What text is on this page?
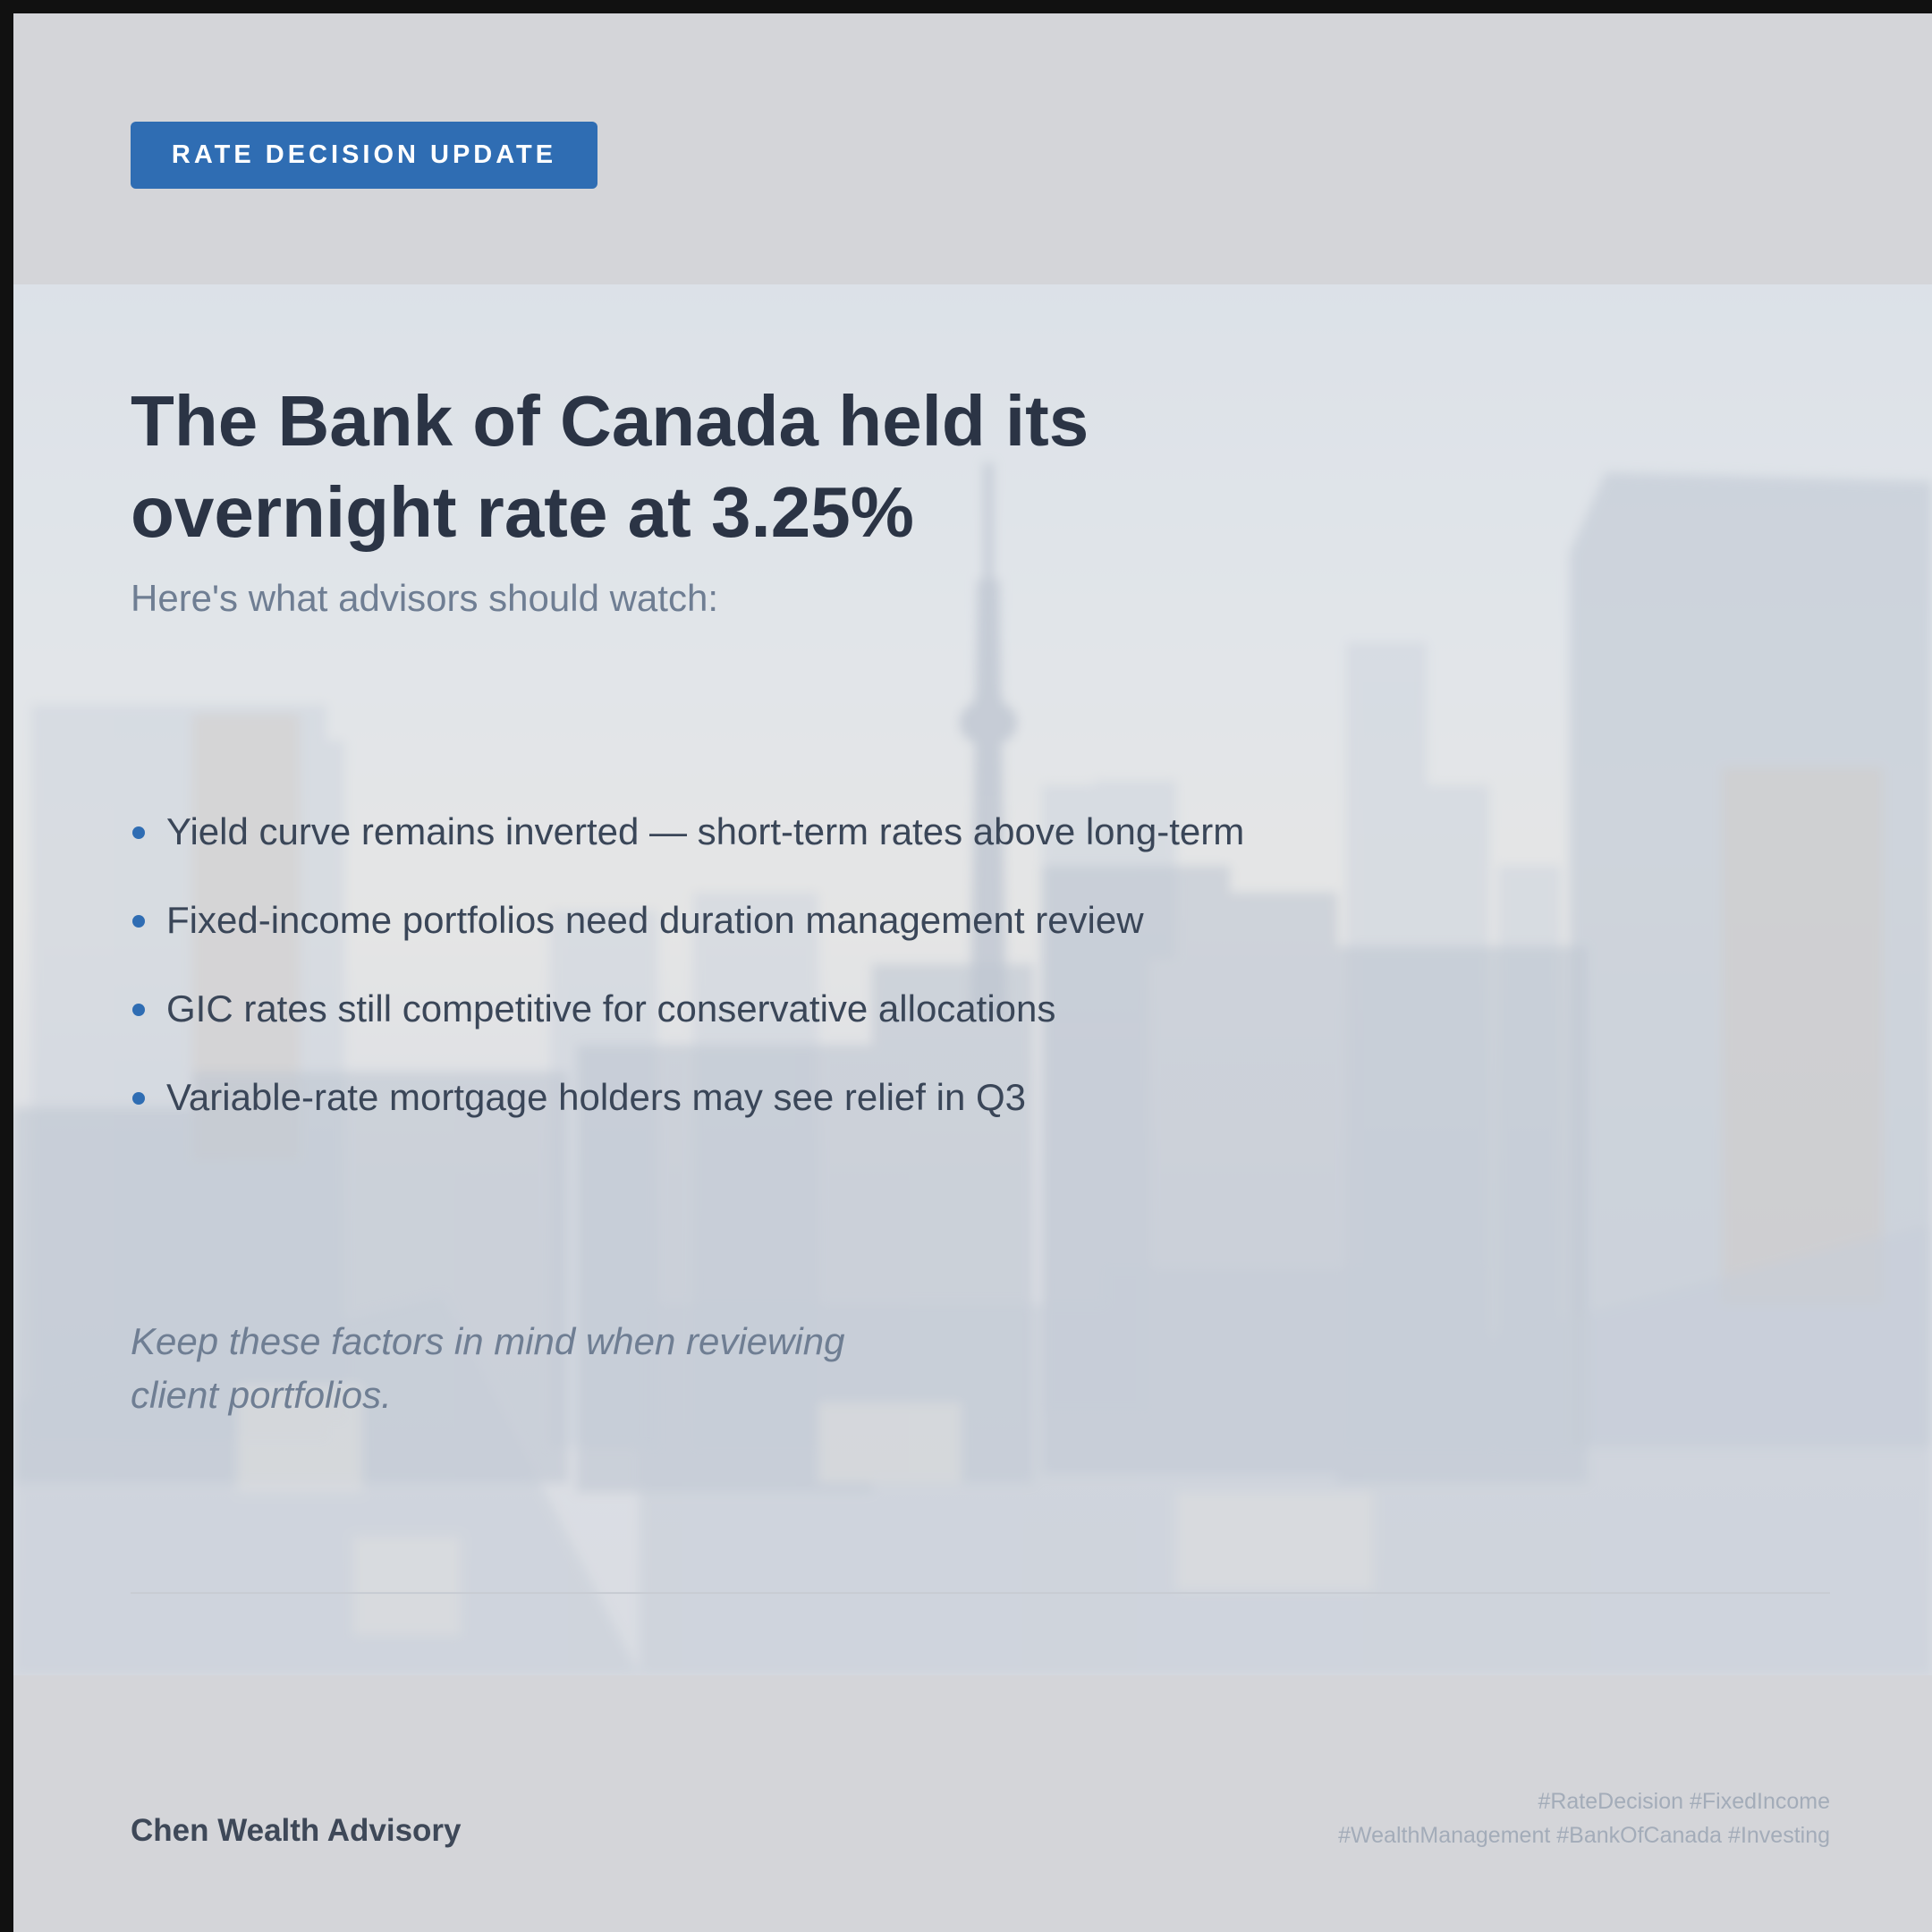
RATE DECISION UPDATE
The Bank of Canada held its
overnight rate at 3.25%
Here's what advisors should watch:
Yield curve remains inverted — short-term rates above long-term
Fixed-income portfolios need duration management review
GIC rates still competitive for conservative allocations
Variable-rate mortgage holders may see relief in Q3
Keep these factors in mind when reviewing
client portfolios.
Chen Wealth Advisory
#RateDecision #FixedIncome
#WealthManagement #BankOfCanada #Investing
